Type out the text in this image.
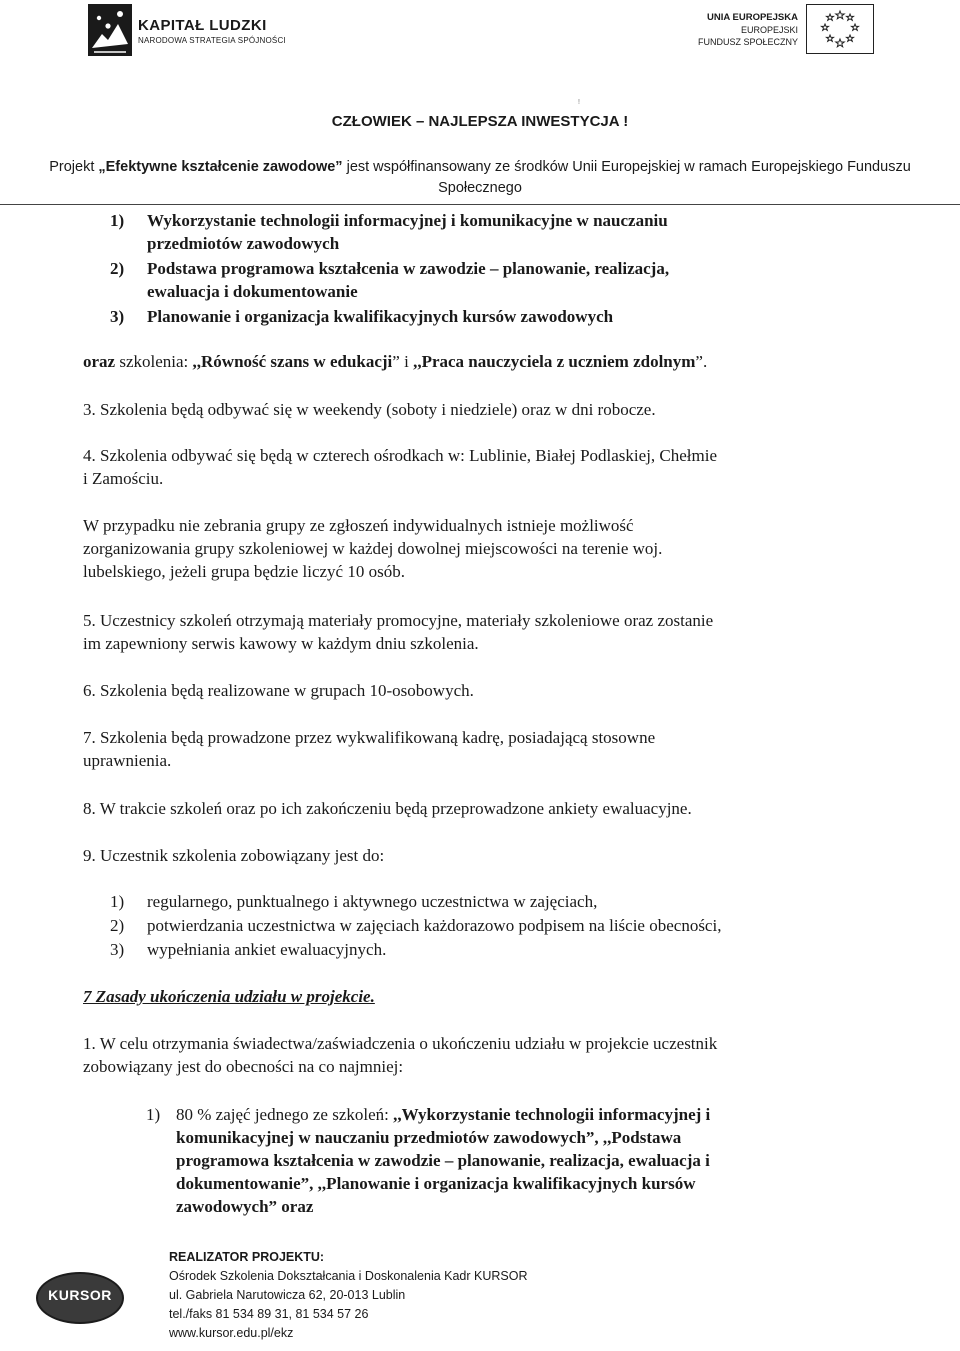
KAPITAŁ LUDZKI
NARODOWA STRATEGIA SPÓJNOŚCI
UNIA EUROPEJSKA
EUROPEJSKI
FUNDUSZ SPOŁECZNY
!
CZŁOWIEK – NAJLEPSZA INWESTYCJA !
Projekt „Efektywne kształcenie zawodowe” jest współfinansowany ze środków Unii Europejskiej w ramach Europejskiego Funduszu
Społecznego
1) Wykorzystanie technologii informacyjnej i komunikacyjne w nauczaniu
przedmiotów zawodowych
2) Podstawa programowa kształcenia w zawodzie – planowanie, realizacja,
ewaluacja i dokumentowanie
3) Planowanie i organizacja kwalifikacyjnych kursów zawodowych
oraz szkolenia: ,,Równość szans w edukacji” i ,,Praca nauczyciela z uczniem zdolnym”.
3. Szkolenia będą odbywać się w weekendy (soboty i niedziele) oraz w dni robocze.
4. Szkolenia odbywać się będą w czterech ośrodkach w: Lublinie, Białej Podlaskiej, Chełmie
i Zamościu.
W przypadku nie zebrania grupy ze zgłoszeń indywidualnych istnieje możliwość
zorganizowania grupy szkoleniowej w każdej dowolnej miejscowości na terenie woj.
lubelskiego, jeżeli grupa będzie liczyć 10 osób.
5. Uczestnicy szkoleń otrzymają materiały promocyjne, materiały szkoleniowe oraz zostanie
im zapewniony serwis kawowy w każdym dniu szkolenia.
6. Szkolenia będą realizowane w grupach 10-osobowych.
7. Szkolenia będą prowadzone przez wykwalifikowaną kadrę, posiadającą stosowne
uprawnienia.
8. W trakcie szkoleń oraz po ich zakończeniu będą przeprowadzone ankiety ewaluacyjne.
9. Uczestnik szkolenia zobowiązany jest do:
1) regularnego, punktualnego i aktywnego uczestnictwa w zajęciach,
2) potwierdzania uczestnictwa w zajęciach każdorazowo podpisem na liście obecności,
3) wypełniania ankiet ewaluacyjnych.
7 Zasady ukończenia udziału w projekcie.
1. W celu otrzymania świadectwa/zaświadczenia o ukończeniu udziału w projekcie uczestnik
zobowiązany jest do obecności na co najmniej:
1) 80 % zajęć jednego ze szkoleń: ,,Wykorzystanie technologii informacyjnej i
komunikacyjnej w nauczaniu przedmiotów zawodowych”, ,,Podstawa
programowa kształcenia w zawodzie – planowanie, realizacja, ewaluacja i
dokumentowanie”, ,,Planowanie i organizacja kwalifikacyjnych kursów
zawodowych” oraz
KURSOR
REALIZATOR PROJEKTU:
Ośrodek Szkolenia Dokształcania i Doskonalenia Kadr KURSOR
ul. Gabriela Narutowicza 62, 20-013 Lublin
tel./faks 81 534 89 31, 81 534 57 26
www.kursor.edu.pl/ekz
